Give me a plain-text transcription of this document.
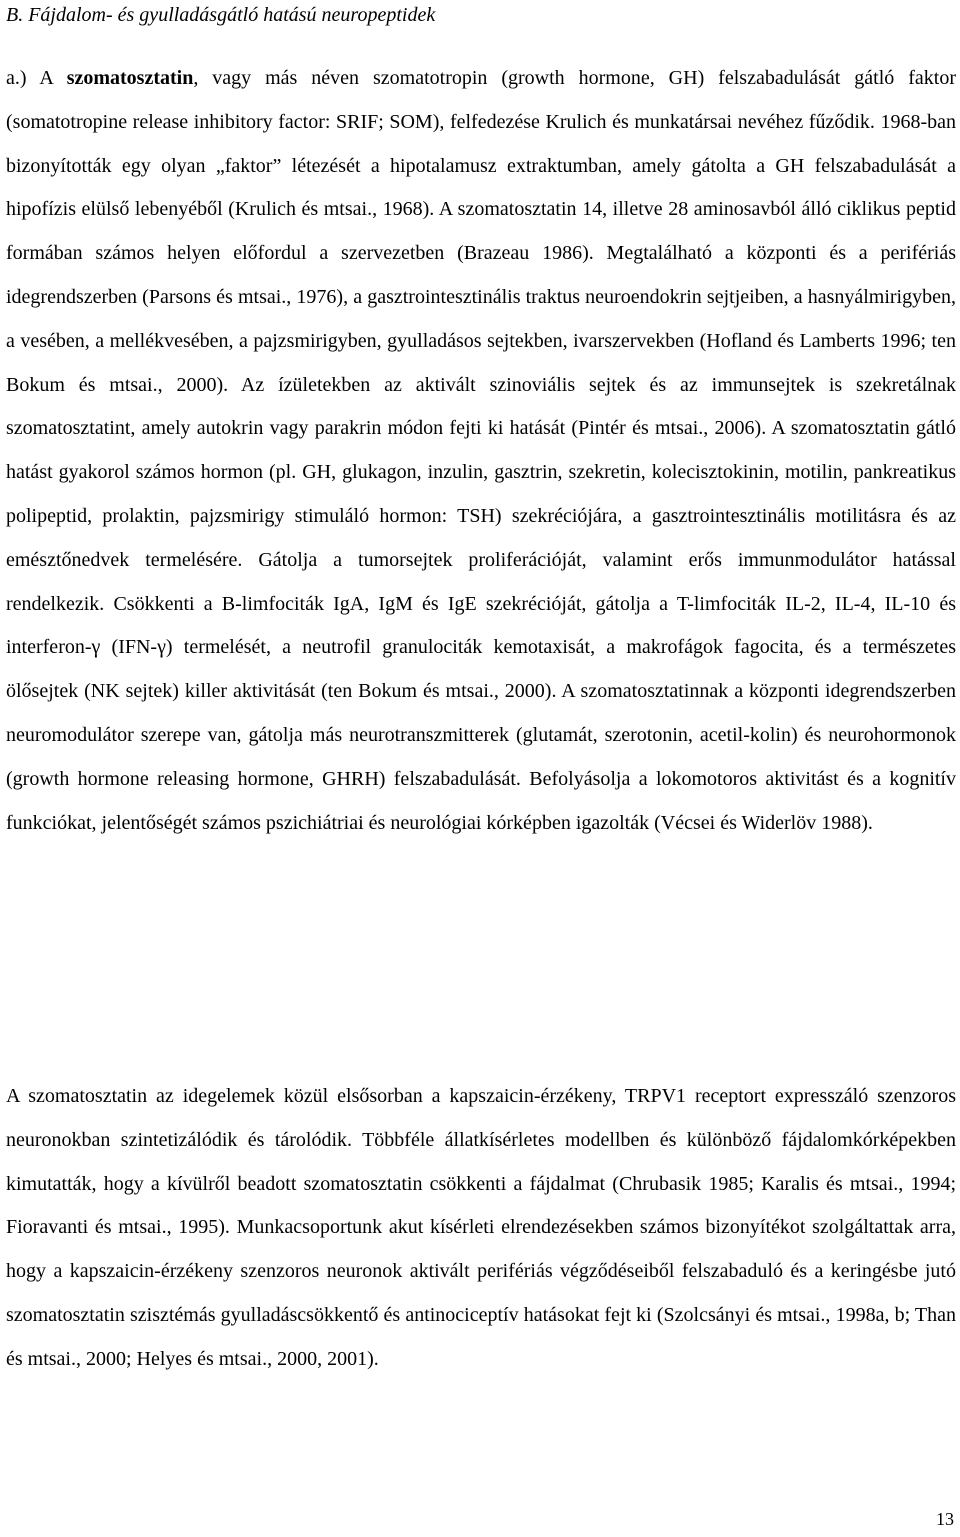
B. Fájdalom- és gyulladásgátló hatású neuropeptidek

a.) A szomatosztatin, vagy más néven szomatotropin (growth hormone, GH) felszabadulását gátló faktor (somatotropine release inhibitory factor: SRIF; SOM), felfedezése Krulich és munkatársai nevéhez fűződik. 1968-ban bizonyították egy olyan „faktor” létezését a hipotalamusz extraktumban, amely gátolta a GH felszabadulását a hipofízis elülső lebenyéből (Krulich és mtsai., 1968). A szomatosztatin 14, illetve 28 aminosavból álló ciklikus peptid formában számos helyen előfordul a szervezetben (Brazeau 1986). Megtalálható a központi és a perifériás idegrendszerben (Parsons és mtsai., 1976), a gasztrointesztinális traktus neuroendokrin sejtjeiben, a hasnyálmirigyben, a vesében, a mellékvesében, a pajzsmirigyben, gyulladásos sejtekben, ivarszervekben (Hofland és Lamberts 1996; ten Bokum és mtsai., 2000). Az ízületekben az aktivált szinoviális sejtek és az immunsejtek is szekretálnak szomatosztatint, amely autokrin vagy parakrin módon fejti ki hatását (Pintér és mtsai., 2006). A szomatosztatin gátló hatást gyakorol számos hormon (pl. GH, glukagon, inzulin, gasztrin, szekretin, kolecisztokinin, motilin, pankreatikus polipeptid, prolaktin, pajzsmirigy stimuláló hormon: TSH) szekréciójára, a gasztrointesztinális motilitásra és az emésztőnedvek termelésére. Gátolja a tumorsejtek proliferációját, valamint erős immunmodulátor hatással rendelkezik. Csökkenti a B-limfociták IgA, IgM és IgE szekrécióját, gátolja a T-limfociták IL-2, IL-4, IL-10 és interferon-γ (IFN-γ) termelését, a neutrofil granulociták kemotaxisát, a makrofágok fagocita, és a természetes ölősejtek (NK sejtek) killer aktivitását (ten Bokum és mtsai., 2000). A szomatosztatinnak a központi idegrendszerben neuromodulátor szerepe van, gátolja más neurotranszmitterek (glutamát, szerotonin, acetil-kolin) és neurohormonok (growth hormone releasing hormone, GHRH) felszabadulását. Befolyásolja a lokomotoros aktivitást és a kognitív funkciókat, jelentőségét számos pszichiátriai és neurológiai kórképben igazolták (Vécsei és Widerlöv 1988).

A szomatosztatin az idegelemek közül elsősorban a kapszaicin-érzékeny, TRPV1 receptort expresszáló szenzoros neuronokban szintetizálódik és tárolódik. Többféle állatkísérletes modellben és különböző fájdalomkórképekben kimutatták, hogy a kívülről beadott szomatosztatin csökkenti a fájdalmat (Chrubasik 1985; Karalis és mtsai., 1994; Fioravanti és mtsai., 1995). Munkacsoportunk akut kísérleti elrendezésekben számos bizonyítékot szolgáltattak arra, hogy a kapszaicin-érzékeny szenzoros neuronok aktivált perifériás végződéseiből felszabaduló és a keringésbe jutó szomatosztatin szisztémás gyulladáscsökkentő és antinociceptív hatásokat fejt ki (Szolcsányi és mtsai., 1998a, b; Than és mtsai., 2000; Helyes és mtsai., 2000, 2001).

13
